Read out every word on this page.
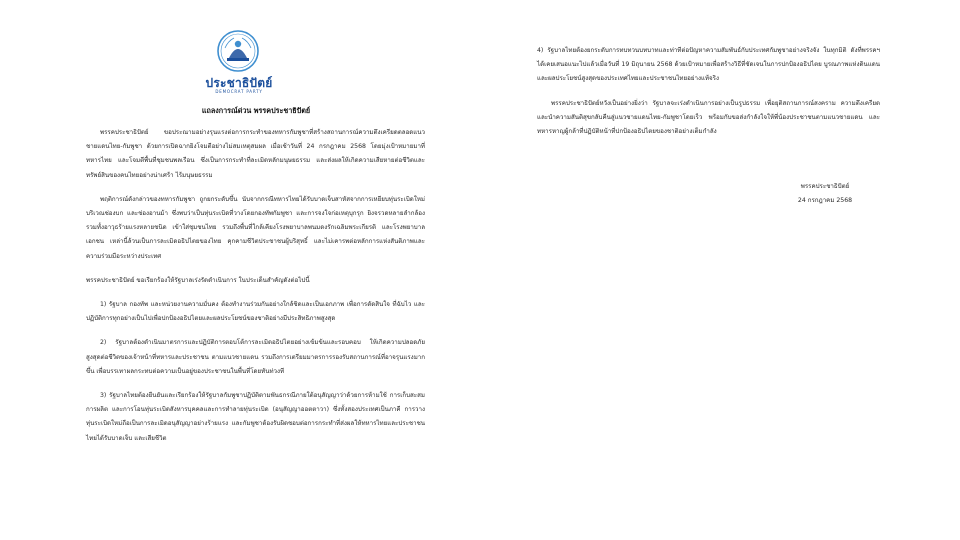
ประชาธิปัตย์
DEMOCRAT PARTY
แถลงการณ์ด่วน พรรคประชาธิปัตย์

พรรคประชาธิปัตย์ ขอประณามอย่างรุนแรงต่อการกระทำของทหารกัมพูชาที่สร้างสถานการณ์ความตึงเครียดตลอดแนวชายแดนไทย-กัมพูชา ด้วยการเปิดฉากยิงโจมตีอย่างไม่สมเหตุสมผล เมื่อเช้าวันที่ 24 กรกฎาคม 2568 โดยมุ่งเป้าหมายมาที่ทหารไทย และโจมตีพื้นที่ชุมชนพลเรือน ซึ่งเป็นการกระทำที่ละเมิดหลักมนุษยธรรม และส่งผลให้เกิดความเสียหายต่อชีวิตและทรัพย์สินของคนไทยอย่างน่าเศร้า ไร้มนุษยธรรม

พฤติการณ์ดังกล่าวของทหารกัมพูชา ถูกยกระดับขึ้น นับจากกรณีทหารไทยได้รับบาดเจ็บสาหัสจากการเหยียบทุ่นระเบิดใหม่บริเวณช่องบก และช่องอานม้า ซึ่งพบว่าเป็นทุ่นระเบิดที่วางโดยกองทัพกัมพูชา และการจงใจก่อเหตุบุกรุก ยิงจรวดหลายลำกล้อง รวมทั้งอาวุธร้ายแรงหลายชนิด เข้าใส่ชุมชนไทย รวมถึงพื้นที่ใกล้เคียงโรงพยาบาลพนมดงรักเฉลิมพระเกียรติ และโรงพยาบาลเอกชน เหล่านี้ล้วนเป็นการละเมิดอธิปไตยของไทย คุกคามชีวิตประชาชนผู้บริสุทธิ์ และไม่เคารพต่อหลักการแห่งสันติภาพและความร่วมมือระหว่างประเทศ

พรรคประชาธิปัตย์ ขอเรียกร้องให้รัฐบาลเร่งรัดดำเนินการ ในประเด็นสำคัญดังต่อไปนี้

1) รัฐบาล กองทัพ และหน่วยงานความมั่นคง ต้องทำงานร่วมกันอย่างใกล้ชิดและเป็นเอกภาพ เพื่อการตัดสินใจ ที่ฉับไว และปฏิบัติการทุกอย่างเป็นไปเพื่อปกป้องอธิปไตยและผลประโยชน์ของชาติอย่างมีประสิทธิภาพสูงสุด

2) รัฐบาลต้องดำเนินมาตรการและปฏิบัติการตอบโต้การละเมิดอธิปไตยอย่างเข้มข้นและรอบคอบ ให้เกิดความปลอดภัยสูงสุดต่อชีวิตของเจ้าหน้าที่ทหารและประชาชน ตามแนวชายแดน รวมถึงการเตรียมมาตรการรองรับสถานการณ์ที่อาจรุนแรงมากขึ้น เพื่อบรรเทาผลกระทบต่อความเป็นอยู่ของประชาชนในพื้นที่โดยทันท่วงที

3) รัฐบาลไทยต้องยืนยันและเรียกร้องให้รัฐบาลกัมพูชาปฏิบัติตามพันธกรณีภายใต้อนุสัญญาว่าด้วยการห้ามใช้ การเก็บสะสม การผลิต และการโอนทุ่นระเบิดสังหารบุคคลและการทำลายทุ่นระเบิด (อนุสัญญาออตตาวา) ซึ่งทั้งสองประเทศเป็นภาคี การวางทุ่นระเบิดใหม่ถือเป็นการละเมิดอนุสัญญาอย่างร้ายแรง และกัมพูชาต้องรับผิดชอบต่อการกระทำที่ส่งผลให้ทหารไทยและประชาชนไทยได้รับบาดเจ็บ และเสียชีวิต

4) รัฐบาลไทยต้องยกระดับการทบทวนบทบาทและท่าทีต่อปัญหาความสัมพันธ์กับประเทศกัมพูชาอย่างจริงจัง ในทุกมิติ ดังที่พรรคฯ ได้เคยเสนอแนะไปแล้วเมื่อวันที่ 19 มิถุนายน 2568 ด้วยเป้าหมายเพื่อสร้างวิธีที่ชัดเจนในการปกป้องอธิปไตย บูรณภาพแห่งดินแดน และผลประโยชน์สูงสุดของประเทศไทยและประชาชนไทยอย่างแท้จริง

พรรคประชาธิปัตย์หวังเป็นอย่างยิ่งว่า รัฐบาลจะเร่งดำเนินการอย่างเป็นรูปธรรม เพื่อยุติสถานการณ์สงคราม ความตึงเครียด และนำความสันติสุขกลับคืนสู่แนวชายแดนไทย-กัมพูชาโดยเร็ว พร้อมกับขอส่งกำลังใจให้พี่น้องประชาชนตามแนวชายแดน และทหารหาญผู้กล้าที่ปฏิบัติหน้าที่ปกป้องอธิปไตยของชาติอย่างเต็มกำลัง

พรรคประชาธิปัตย์
24 กรกฎาคม 2568
